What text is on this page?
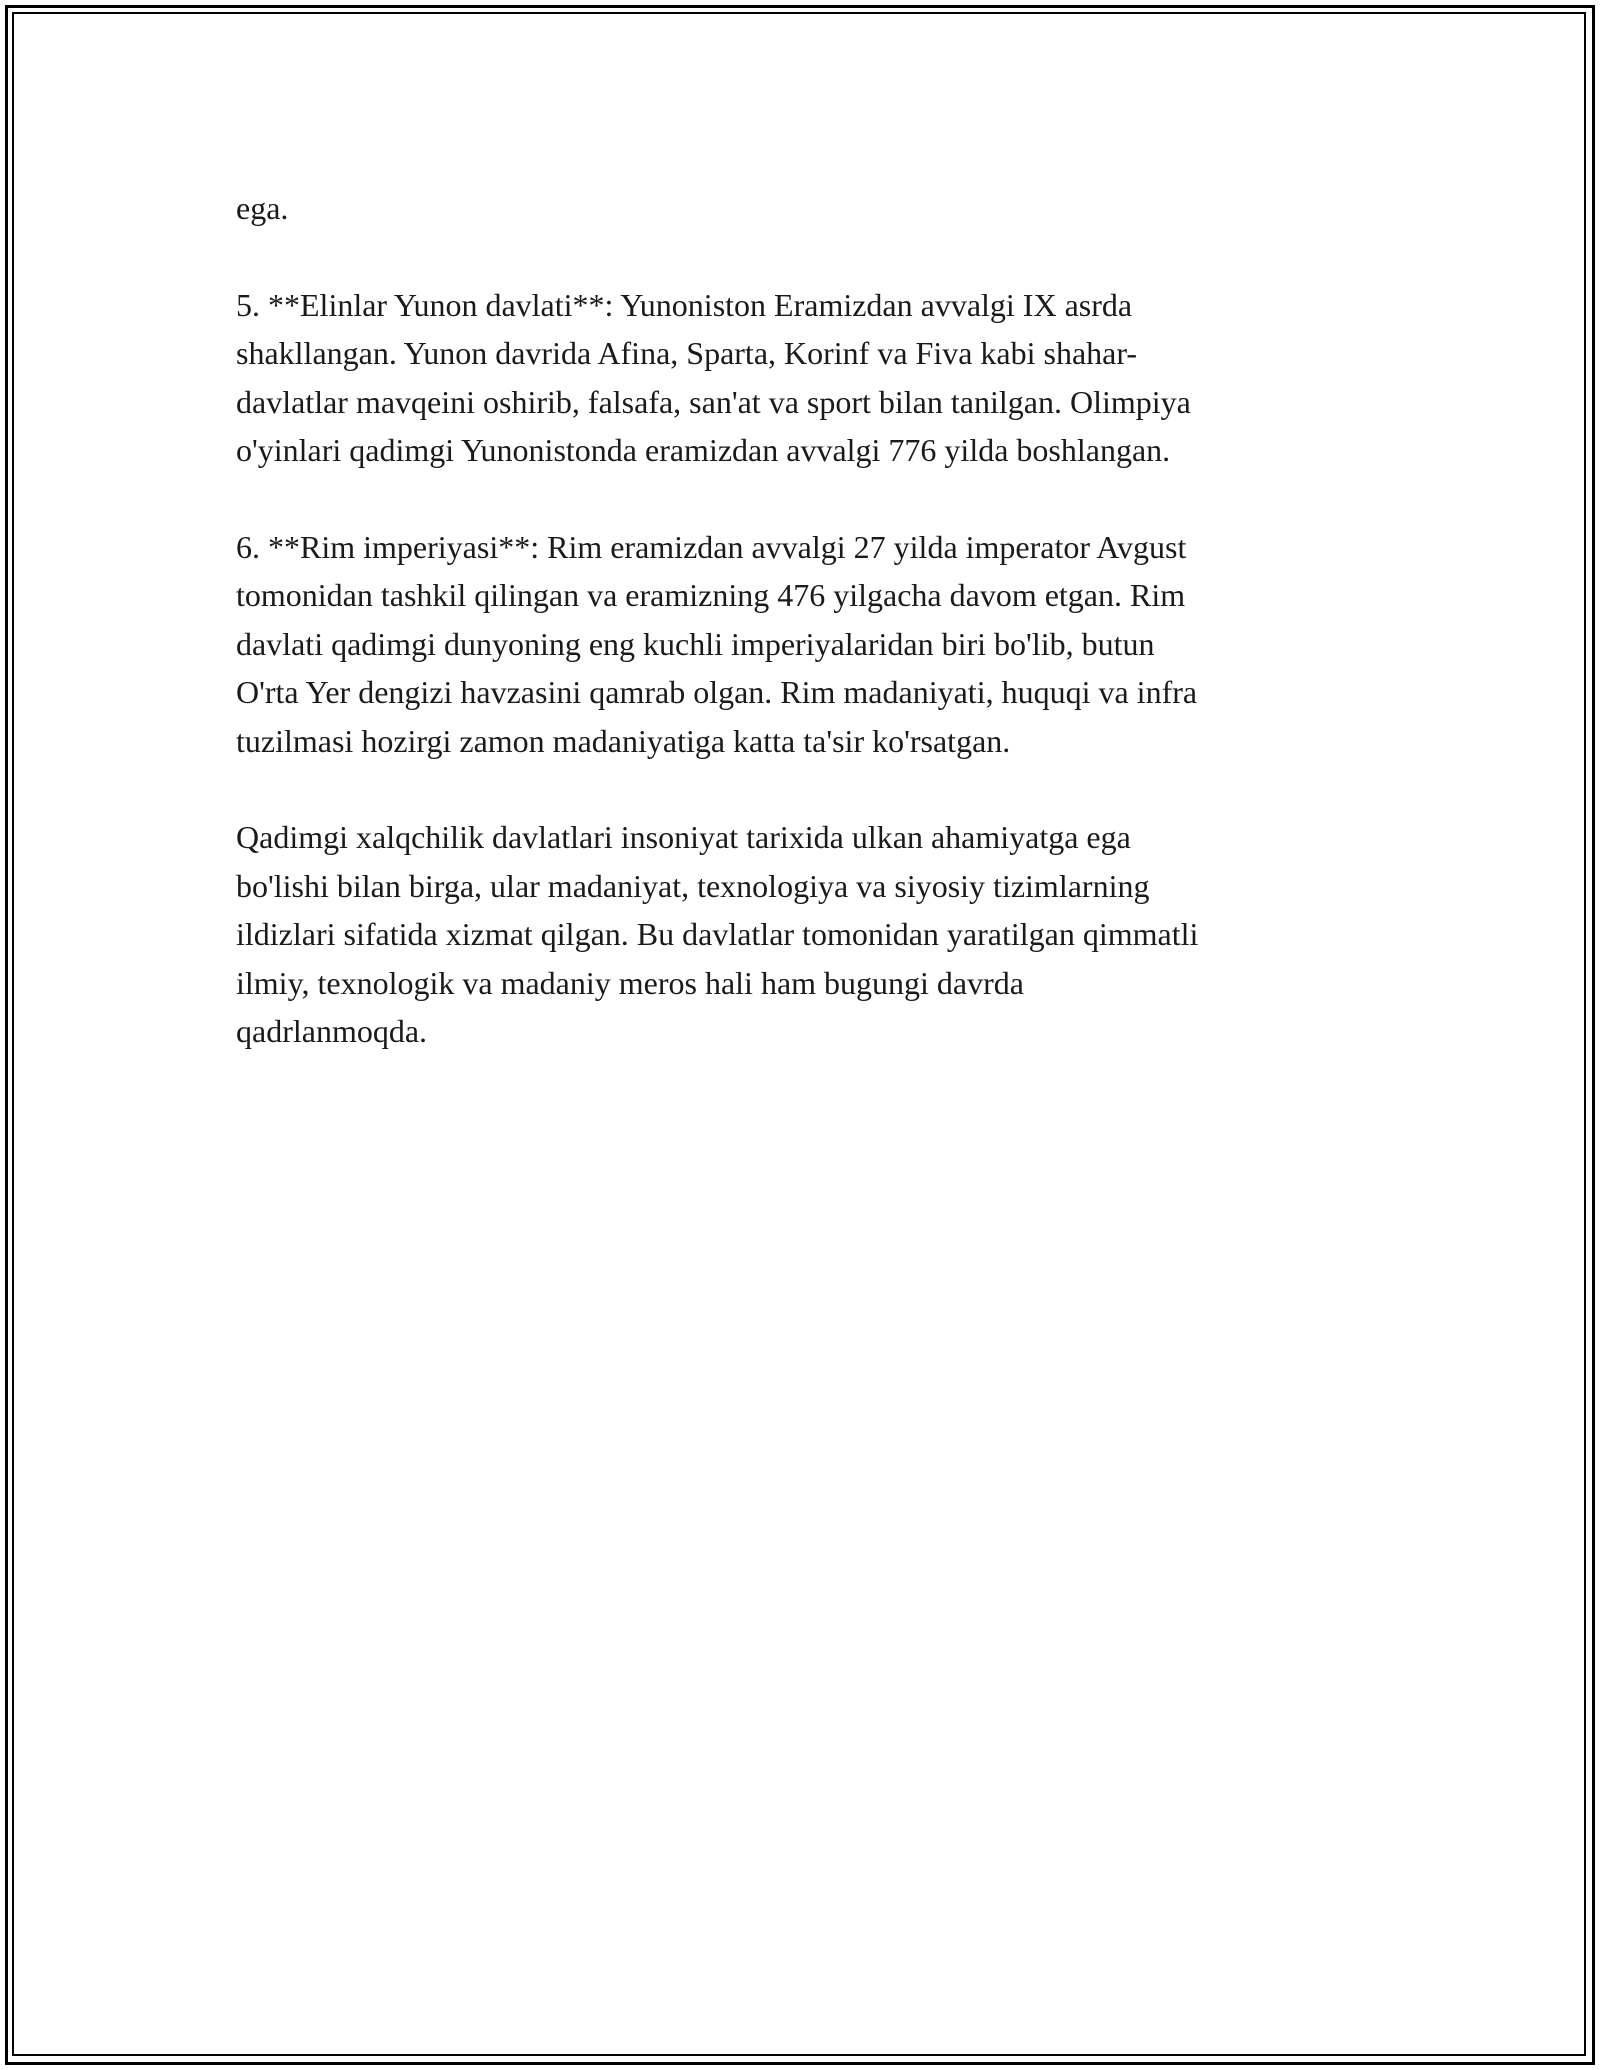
ega.

5. **Elinlar Yunon davlati**: Yunoniston Eramizdan avvalgi IX asrda
shakllangan. Yunon davrida Afina, Sparta, Korinf va Fiva kabi shahar-
davlatlar mavqeini oshirib, falsafa, san'at va sport bilan tanilgan. Olimpiya
o'yinlari qadimgi Yunonistonda eramizdan avvalgi 776 yilda boshlangan.

6. **Rim imperiyasi**: Rim eramizdan avvalgi 27 yilda imperator Avgust
tomonidan tashkil qilingan va eramizning 476 yilgacha davom etgan. Rim
davlati qadimgi dunyoning eng kuchli imperiyalaridan biri bo'lib, butun
O'rta Yer dengizi havzasini qamrab olgan. Rim madaniyati, huquqi va infra
tuzilmasi hozirgi zamon madaniyatiga katta ta'sir ko'rsatgan.

Qadimgi xalqchilik davlatlari insoniyat tarixida ulkan ahamiyatga ega
bo'lishi bilan birga, ular madaniyat, texnologiya va siyosiy tizimlarning
ildizlari sifatida xizmat qilgan. Bu davlatlar tomonidan yaratilgan qimmatli
ilmiy, texnologik va madaniy meros hali ham bugungi davrda
qadrlanmoqda.
